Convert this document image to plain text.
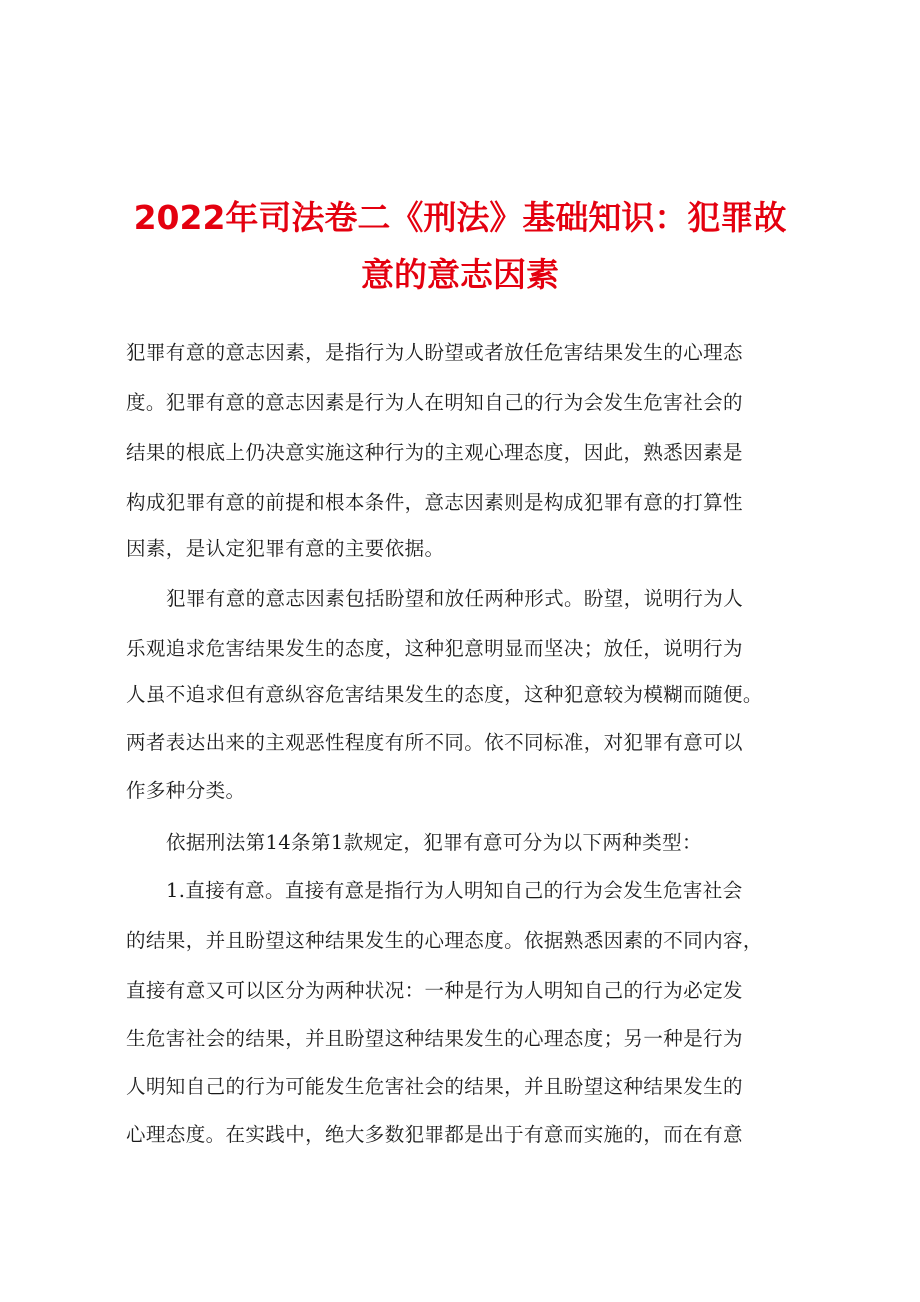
2022年司法卷二《刑法》基础知识：犯罪故
意的意志因素

犯罪有意的意志因素，是指行为人盼望或者放任危害结果发生的心理态

度。犯罪有意的意志因素是行为人在明知自己的行为会发生危害社会的

结果的根底上仍决意实施这种行为的主观心理态度，因此，熟悉因素是

构成犯罪有意的前提和根本条件，意志因素则是构成犯罪有意的打算性

因素，是认定犯罪有意的主要依据。

犯罪有意的意志因素包括盼望和放任两种形式。盼望，说明行为人

乐观追求危害结果发生的态度，这种犯意明显而坚决；放任，说明行为

人虽不追求但有意纵容危害结果发生的态度，这种犯意较为模糊而随便。

两者表达出来的主观恶性程度有所不同。依不同标准，对犯罪有意可以

作多种分类。

依据刑法第14条第1款规定，犯罪有意可分为以下两种类型：

1.直接有意。直接有意是指行为人明知自己的行为会发生危害社会

的结果，并且盼望这种结果发生的心理态度。依据熟悉因素的不同内容，

直接有意又可以区分为两种状况：一种是行为人明知自己的行为必定发

生危害社会的结果，并且盼望这种结果发生的心理态度；另一种是行为

人明知自己的行为可能发生危害社会的结果，并且盼望这种结果发生的

心理态度。在实践中，绝大多数犯罪都是出于有意而实施的，而在有意
